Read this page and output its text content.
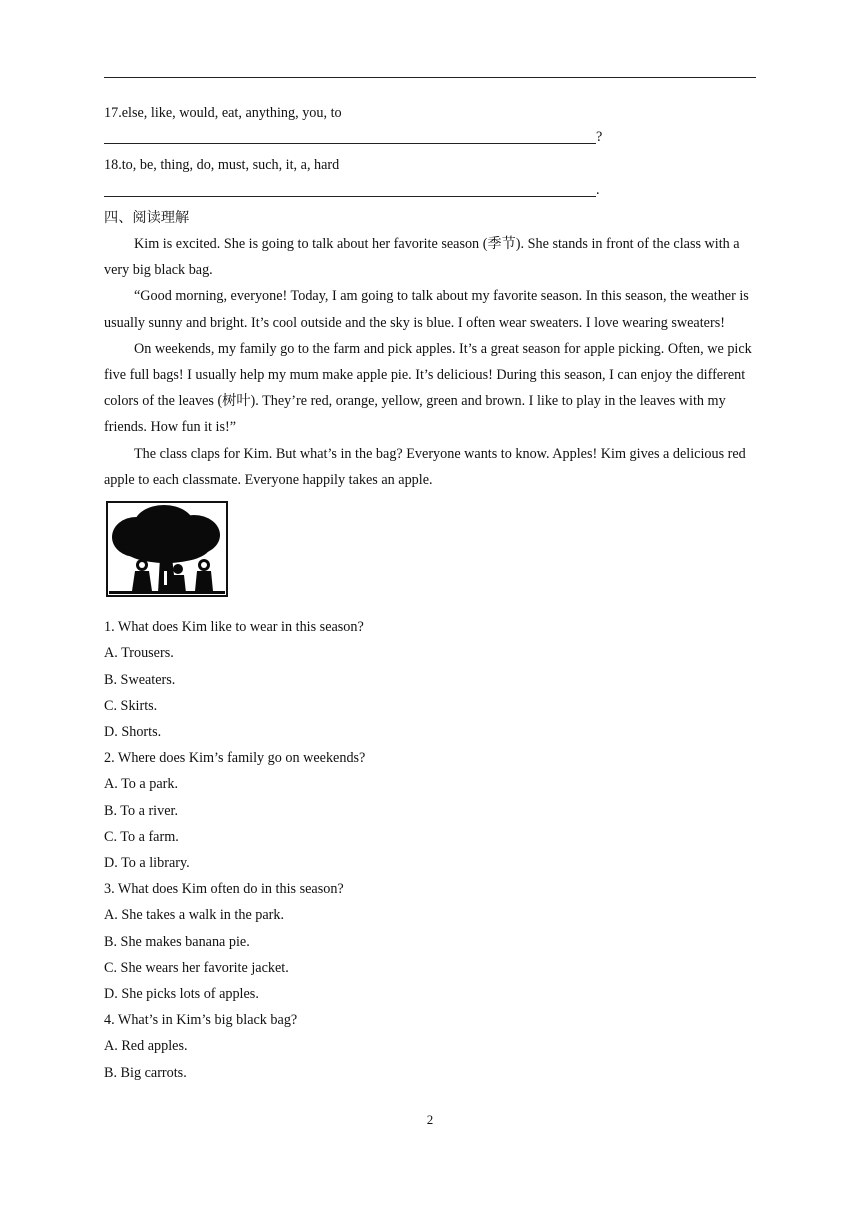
17.else, like, would, eat, anything, you, to
?
18.to, be, thing, do, must, such, it, a, hard
.
四、阅读理解

Kim is excited. She is going to talk about her favorite season (季节). She stands in front of the class with a very big black bag.

“Good morning, everyone! Today, I am going to talk about my favorite season. In this season, the weather is usually sunny and bright. It’s cool outside and the sky is blue. I often wear sweaters. I love wearing sweaters!

On weekends, my family go to the farm and pick apples. It’s a great season for apple picking. Often, we pick five full bags! I usually help my mum make apple pie. It’s delicious! During this season, I can enjoy the different colors of the leaves (树叶). They’re red, orange, yellow, green and brown. I like to play in the leaves with my friends. How fun it is!”

The class claps for Kim. But what’s in the bag? Everyone wants to know. Apples! Kim gives a delicious red apple to each classmate. Everyone happily takes an apple.

1. What does Kim like to wear in this season?
A. Trousers.
B. Sweaters.
C. Skirts.
D. Shorts.
2. Where does Kim’s family go on weekends?
A. To a park.
B. To a river.
C. To a farm.
D. To a library.
3. What does Kim often do in this season?
A. She takes a walk in the park.
B. She makes banana pie.
C. She wears her favorite jacket.
D. She picks lots of apples.
4. What’s in Kim’s big black bag?
A. Red apples.
B. Big carrots.
2
